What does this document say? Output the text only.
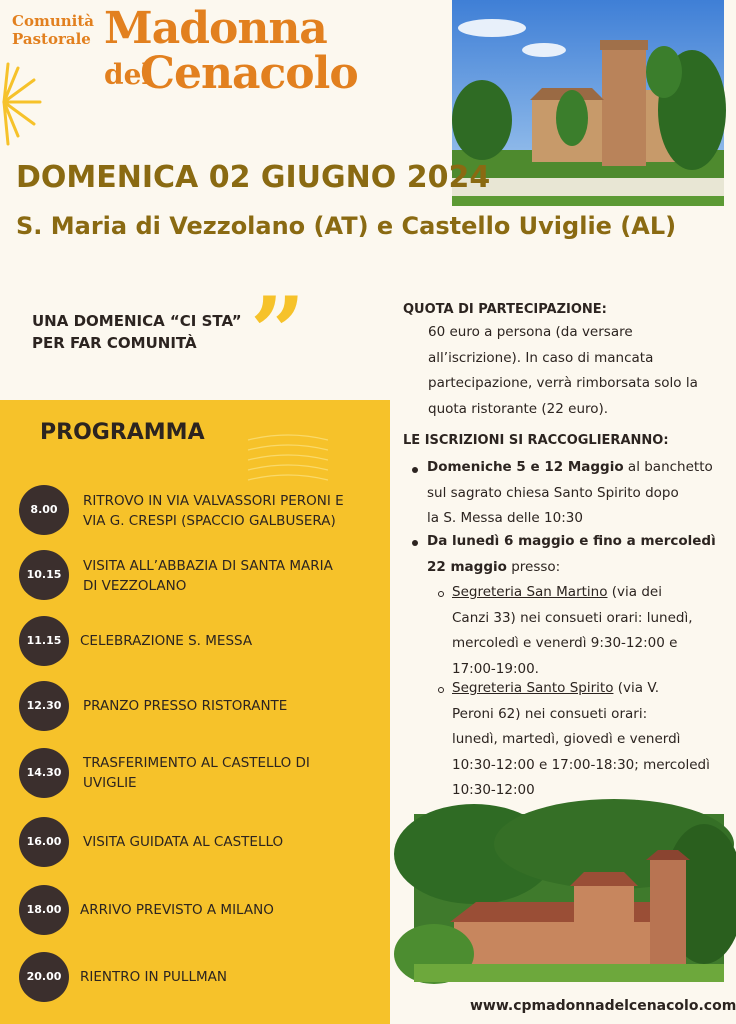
Comunità
Pastorale Madonna
del
Cenacolo
DOMENICA 02 GIUGNO 2024
S. Maria di Vezzolano (AT) e Castello Uviglie (AL)
UNA DOMENICA “CI STA”
PER FAR COMUNITÀ ”	QUOTA DI PARTECIPAZIONE:
60 euro a persona (da versare
all’iscrizione). In caso di mancata
partecipazione, verrà rimborsata solo la
quota ristorante (22 euro).
LE ISCRIZIONI SI RACCOGLIERANNO:
Domeniche 5 e 12 Maggio al banchetto
sul sagrato chiesa Santo Spirito dopo
la S. Messa delle 10:30
Da lunedì 6 maggio e fino a mercoledì
22 maggio presso:
Segreteria San Martino (via dei
Canzi 33) nei consueti orari: lunedì,
mercoledì e venerdì 9:30-12:00 e
17:00-19:00.
Segreteria Santo Spirito (via V.
Peroni 62) nei consueti orari:
lunedì, martedì, giovedì e venerdì
10:30-12:00 e 17:00-18:30; mercoledì
10:30-12:00
www.cpmadonnadelcenacolo.com
PROGRAMMA
8.00
RITROVO IN VIA VALVASSORI PERONI E
VIA G. CRESPI (SPACCIO GALBUSERA)
10.15
VISITA ALL’ABBAZIA DI SANTA MARIA
DI VEZZOLANO
11.15	CELEBRAZIONE S. MESSA
12.30	PRANZO PRESSO RISTORANTE
14.30
TRASFERIMENTO AL CASTELLO DI
UVIGLIE
16.00	VISITA GUIDATA AL CASTELLO
18.00	ARRIVO PREVISTO A MILANO
20.00	RIENTRO IN PULLMAN
